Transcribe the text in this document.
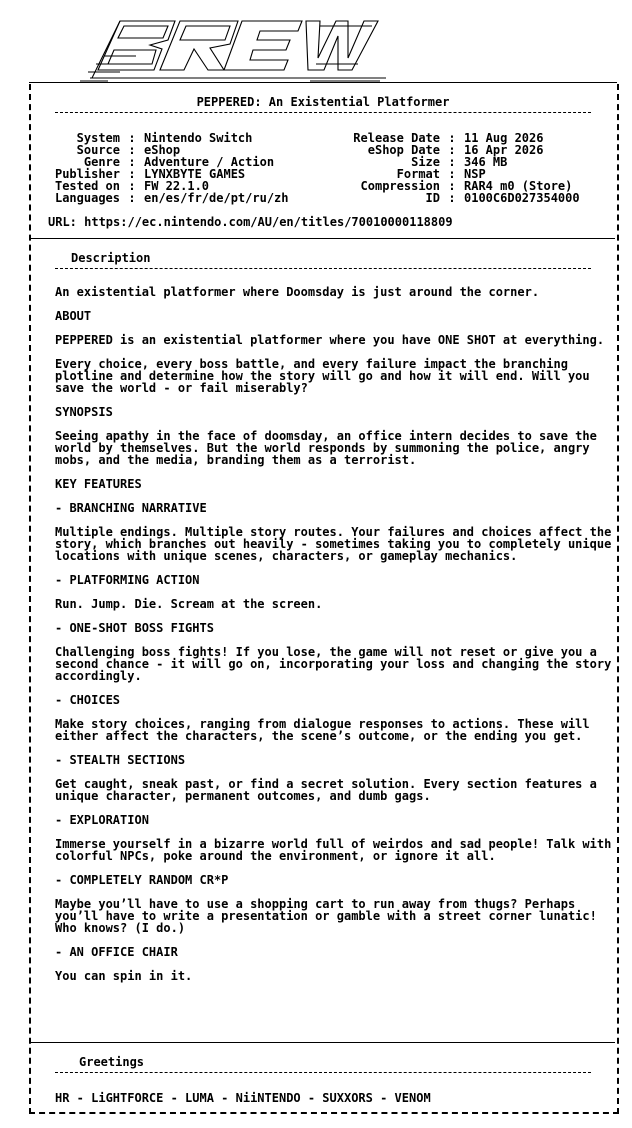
PEPPERED: An Existential Platformer
System : Nintendo Switch
Source : eShop
Genre : Adventure / Action
Publisher : LYNXBYTE GAMES
Tested on : FW 22.1.0
Languages : en/es/fr/de/pt/ru/zh
Release Date : 11 Aug 2026
eShop Date : 16 Apr 2026
Size : 346 MB
Format : NSP
Compression : RAR4 m0 (Store)
ID : 0100C6D027354000
URL: https://ec.nintendo.com/AU/en/titles/70010000118809
Description

An existential platformer where Doomsday is just around the corner.

ABOUT

PEPPERED is an existential platformer where you have ONE SHOT at everything.

Every choice, every boss battle, and every failure impact the branching plotline and determine how the story will go and how it will end. Will you save the world - or fail miserably?

SYNOPSIS

Seeing apathy in the face of doomsday, an office intern decides to save the world by themselves. But the world responds by summoning the police, angry mobs, and the media, branding them as a terrorist.

KEY FEATURES

- BRANCHING NARRATIVE

Multiple endings. Multiple story routes. Your failures and choices affect the story, which branches out heavily - sometimes taking you to completely unique locations with unique scenes, characters, or gameplay mechanics.

- PLATFORMING ACTION

Run. Jump. Die. Scream at the screen.

- ONE-SHOT BOSS FIGHTS

Challenging boss fights! If you lose, the game will not reset or give you a second chance - it will go on, incorporating your loss and changing the story accordingly.

- CHOICES

Make story choices, ranging from dialogue responses to actions. These will either affect the characters, the scene’s outcome, or the ending you get.

- STEALTH SECTIONS

Get caught, sneak past, or find a secret solution. Every section features a unique character, permanent outcomes, and dumb gags.

- EXPLORATION

Immerse yourself in a bizarre world full of weirdos and sad people! Talk with colorful NPCs, poke around the environment, or ignore it all.

- COMPLETELY RANDOM CR*P

Maybe you’ll have to use a shopping cart to run away from thugs? Perhaps you’ll have to write a presentation or gamble with a street corner lunatic! Who knows? (I do.)

- AN OFFICE CHAIR

You can spin in it.

Greetings
HR - LiGHTFORCE - LUMA - NiiNTENDO - SUXXORS - VENOM
